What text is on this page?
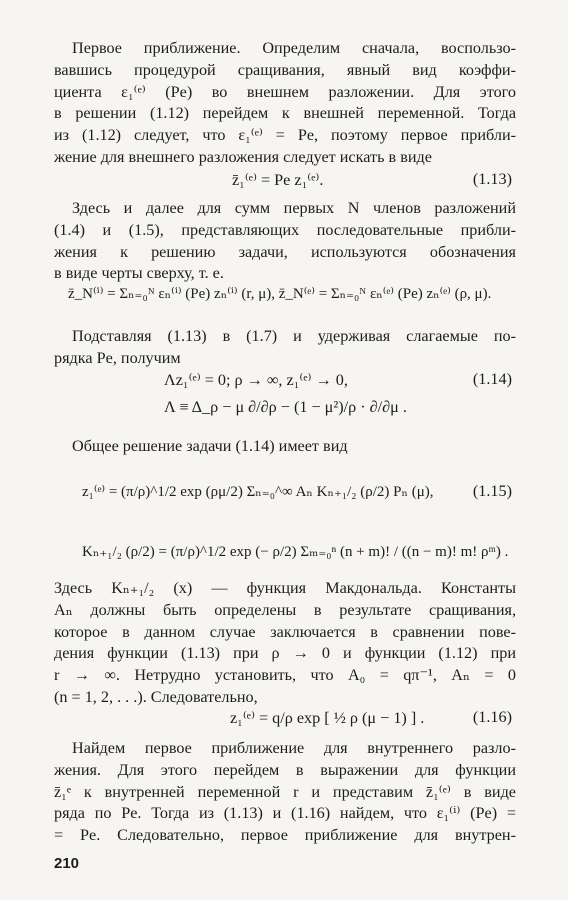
Первое приближение. Определим сначала, воспользо-
вавшись процедурой сращивания, явный вид коэффи-
циента ε₁⁽ᵉ⁾ (Pe) во внешнем разложении. Для этого
в решении (1.12) перейдем к внешней переменной. Тогда
из (1.12) следует, что ε₁⁽ᵉ⁾ = Pe, поэтому первое прибли-
жение для внешнего разложения следует искать в виде
z̄₁⁽ᵉ⁾ = Pe z₁⁽ᵉ⁾.	(1.13)
Здесь и далее для сумм первых N членов разложений
(1.4) и (1.5), представляющих последовательные прибли-
жения к решению задачи, используются обозначения
в виде черты сверху, т. е.
z̄_N⁽ⁱ⁾ = Σₙ₌₀ᴺ εₙ⁽ⁱ⁾ (Pe) zₙ⁽ⁱ⁾ (r, μ), z̄_N⁽ᵉ⁾ = Σₙ₌₀ᴺ εₙ⁽ᵉ⁾ (Pe) zₙ⁽ᵉ⁾ (ρ, μ).
Подставляя (1.13) в (1.7) и удерживая слагаемые по-
рядка Pe, получим
Λz₁⁽ᵉ⁾ = 0; ρ → ∞, z₁⁽ᵉ⁾ → 0,	(1.14)
Λ ≡ Δ_ρ − μ ∂/∂ρ − (1 − μ²)/ρ · ∂/∂μ .
Общее решение задачи (1.14) имеет вид
z₁⁽ᵉ⁾ = (π/ρ)^1/2 exp (ρμ/2) Σₙ₌₀^∞ Aₙ Kₙ₊₁/₂ (ρ/2) Pₙ (μ), (1.15)
Kₙ₊₁/₂ (ρ/2) = (π/ρ)^1/2 exp (− ρ/2) Σₘ₌₀ⁿ (n + m)! / ((n − m)! m! ρᵐ) .
Здесь Kₙ₊₁/₂ (x) — функция Макдональда. Константы
Aₙ должны быть определены в результате сращивания,
которое в данном случае заключается в сравнении пове-
дения функции (1.13) при ρ → 0 и функции (1.12) при
r → ∞. Нетрудно установить, что A₀ = qπ⁻¹, Aₙ = 0
(n = 1, 2, . . .). Следовательно,
z₁⁽ᵉ⁾ = q/ρ exp [ ½ ρ (μ − 1) ] .	(1.16)
Найдем первое приближение для внутреннего разло-
жения. Для этого перейдем в выражении для функции
z̄₁ᵉ к внутренней переменной r и представим z̄₁⁽ᵉ⁾ в виде
ряда по Pe. Тогда из (1.13) и (1.16) найдем, что ε₁⁽ⁱ⁾ (Pe) =
= Pe. Следовательно, первое приближение для внутрен-
210
